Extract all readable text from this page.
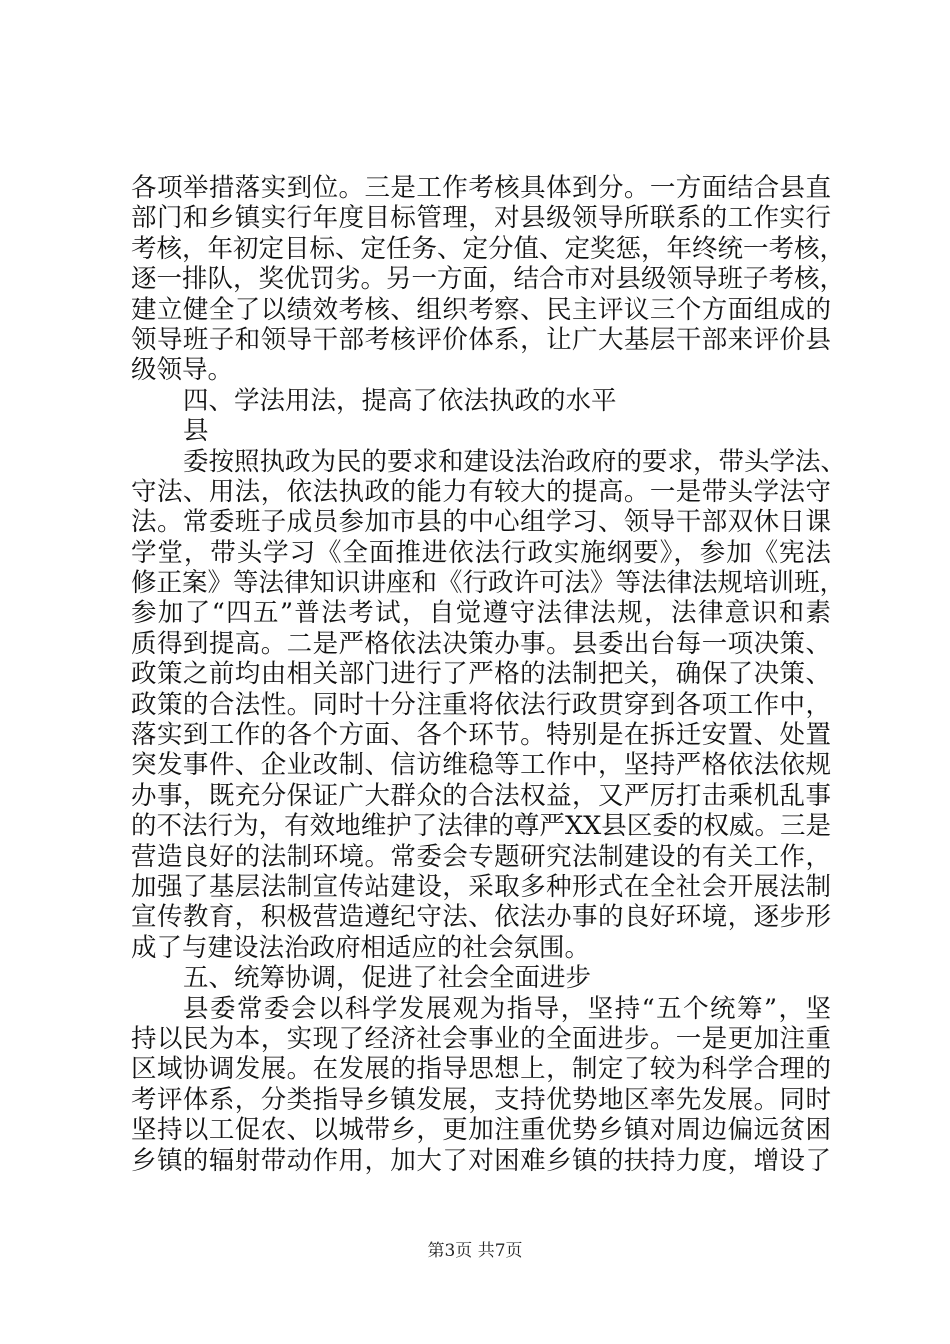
各项举措落实到位。三是工作考核具体到分。一方面结合县直
部门和乡镇实行年度目标管理，对县级领导所联系的工作实行
考核，年初定目标、定任务、定分值、定奖惩，年终统一考核，
逐一排队，奖优罚劣。另一方面，结合市对县级领导班子考核，
建立健全了以绩效考核、组织考察、民主评议三个方面组成的
领导班子和领导干部考核评价体系，让广大基层干部来评价县
级领导。
四、学法用法，提高了依法执政的水平
县
委按照执政为民的要求和建设法治政府的要求，带头学法、
守法、用法，依法执政的能力有较大的提高。一是带头学法守
法。常委班子成员参加市县的中心组学习、领导干部双休日课
学堂，带头学习《全面推进依法行政实施纲要》，参加《宪法
修正案》等法律知识讲座和《行政许可法》等法律法规培训班，
参加了“四五”普法考试，自觉遵守法律法规，法律意识和素
质得到提高。二是严格依法决策办事。县委出台每一项决策、
政策之前均由相关部门进行了严格的法制把关，确保了决策、
政策的合法性。同时十分注重将依法行政贯穿到各项工作中，
落实到工作的各个方面、各个环节。特别是在拆迁安置、处置
突发事件、企业改制、信访维稳等工作中，坚持严格依法依规
办事，既充分保证广大群众的合法权益，又严厉打击乘机乱事
的不法行为，有效地维护了法律的尊严XX县区委的权威。三是
营造良好的法制环境。常委会专题研究法制建设的有关工作，
加强了基层法制宣传站建设，采取多种形式在全社会开展法制
宣传教育，积极营造遵纪守法、依法办事的良好环境，逐步形
成了与建设法治政府相适应的社会氛围。
五、统筹协调，促进了社会全面进步
县委常委会以科学发展观为指导，坚持“五个统筹”，坚
持以民为本，实现了经济社会事业的全面进步。一是更加注重
区域协调发展。在发展的指导思想上，制定了较为科学合理的
考评体系，分类指导乡镇发展，支持优势地区率先发展。同时
坚持以工促农、以城带乡，更加注重优势乡镇对周边偏远贫困
乡镇的辐射带动作用，加大了对困难乡镇的扶持力度，增设了
第3页 共7页
